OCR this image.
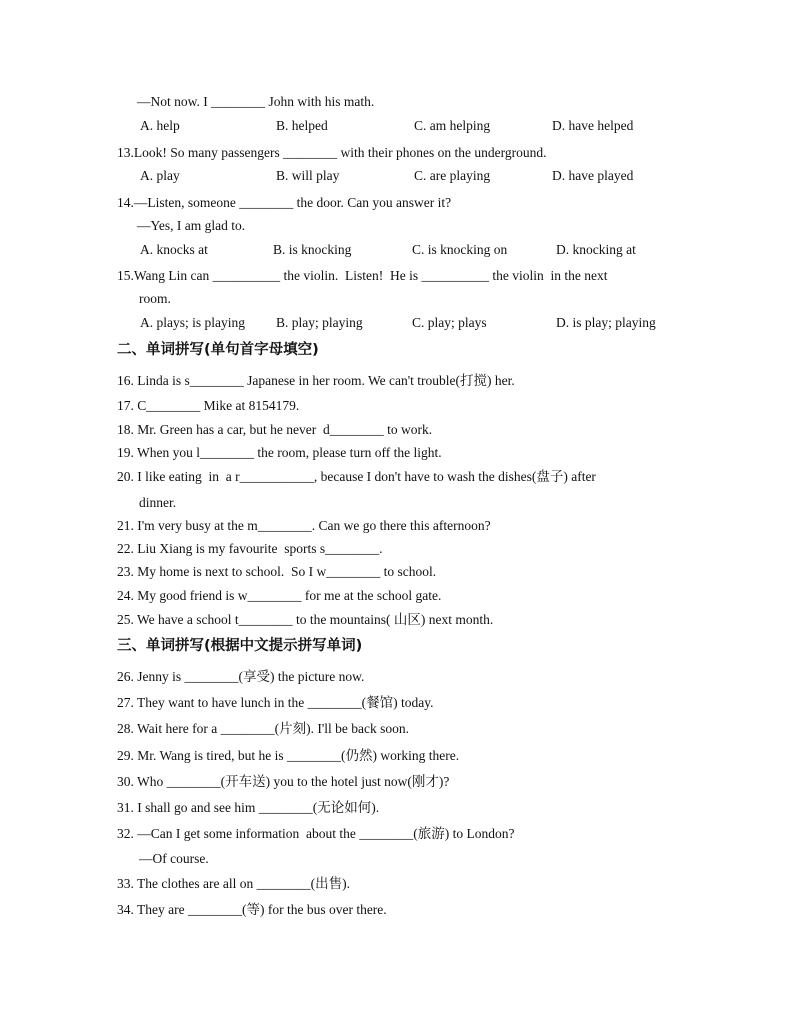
—Not now. I ________ John with his math.
A. help	B. helped	C. am helping	D. have helped
13.Look! So many passengers ________ with their phones on the underground.
A. play	B. will play	C. are playing	D. have played
14.—Listen, someone ________ the door. Can you answer it?
—Yes, I am glad to.
A. knocks at	B. is knocking	C. is knocking on	D. knocking at
15.Wang Lin can __________ the violin.  Listen!  He is __________ the violin  in the next
room.
A. plays; is playing B. play; playing	C. play; plays	D. is play; playing
二、单词拼写(单句首字母填空)
16. Linda is s________ Japanese in her room. We can't trouble(打搅) her.
17. C________ Mike at 8154179.
18. Mr. Green has a car, but he never  d________ to work.
19. When you l________ the room, please turn off the light.
20. I like eating  in  a r___________, because I don't have to wash the dishes(盘子) after
dinner.
21. I'm very busy at the m________. Can we go there this afternoon?
22. Liu Xiang is my favourite  sports s________.
23. My home is next to school.  So I w________ to school.
24. My good friend is w________ for me at the school gate.
25. We have a school t________ to the mountains( 山区) next month.
三、单词拼写(根据中文提示拼写单词)
26. Jenny is ________(享受) the picture now.
27. They want to have lunch in the ________(餐馆) today.
28. Wait here for a ________(片刻). I'll be back soon.
29. Mr. Wang is tired, but he is ________(仍然) working there.
30. Who ________(开车送) you to the hotel just now(刚才)?
31. I shall go and see him ________(无论如何).
32. —Can I get some information  about the ________(旅游) to London?
—Of course.
33. The clothes are all on ________(出售).
34. They are ________(等) for the bus over there.
